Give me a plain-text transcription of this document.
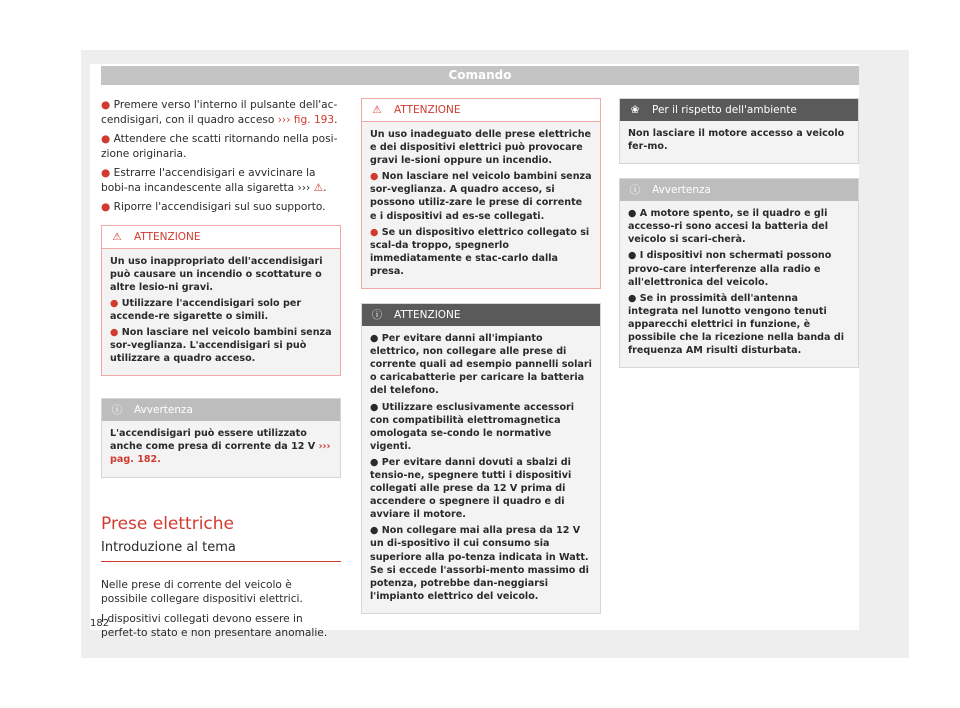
Comando

● Premere verso l'interno il pulsante dell'ac-cendisigari, con il quadro acceso ››› fig. 193.

● Attendere che scatti ritornando nella posi-zione originaria.

● Estrarre l'accendisigari e avvicinare la bobi-na incandescente alla sigaretta ››› ⚠.

● Riporre l'accendisigari sul suo supporto.

⚠ ATTENZIONE

Un uso inappropriato dell'accendisigari può causare un incendio o scottature o altre lesio-ni gravi.

● Utilizzare l'accendisigari solo per accende-re sigarette o simili.

● Non lasciare nel veicolo bambini senza sor-veglianza. L'accendisigari si può utilizzare a quadro acceso.

ⓘ Avvertenza

L'accendisigari può essere utilizzato anche come presa di corrente da 12 V ››› pag. 182.

Prese elettriche
Introduzione al tema

Nelle prese di corrente del veicolo è possibile collegare dispositivi elettrici.

I dispositivi collegati devono essere in perfet-to stato e non presentare anomalie.

⚠ ATTENZIONE

Un uso inadeguato delle prese elettriche e dei dispositivi elettrici può provocare gravi le-sioni oppure un incendio.

● Non lasciare nel veicolo bambini senza sor-veglianza. A quadro acceso, si possono utiliz-zare le prese di corrente e i dispositivi ad es-se collegati.

● Se un dispositivo elettrico collegato si scal-da troppo, spegnerlo immediatamente e stac-carlo dalla presa.

ⓘ ATTENZIONE

● Per evitare danni all'impianto elettrico, non collegare alle prese di corrente quali ad esempio pannelli solari o caricabatterie per caricare la batteria del telefono.

● Utilizzare esclusivamente accessori con compatibilità elettromagnetica omologata se-condo le normative vigenti.

● Per evitare danni dovuti a sbalzi di tensio-ne, spegnere tutti i dispositivi collegati alle prese da 12 V prima di accendere o spegnere il quadro e di avviare il motore.

● Non collegare mai alla presa da 12 V un di-spositivo il cui consumo sia superiore alla po-tenza indicata in Watt. Se si eccede l'assorbi-mento massimo di potenza, potrebbe dan-neggiarsi l'impianto elettrico del veicolo.

❀ Per il rispetto dell'ambiente

Non lasciare il motore accesso a veicolo fer-mo.

ⓘ Avvertenza

● A motore spento, se il quadro e gli accesso-ri sono accesi la batteria del veicolo si scari-cherà.

● I dispositivi non schermati possono provo-care interferenze alla radio e all'elettronica del veicolo.

● Se in prossimità dell'antenna integrata nel lunotto vengono tenuti apparecchi elettrici in funzione, è possibile che la ricezione nella banda di frequenza AM risulti disturbata.

182
